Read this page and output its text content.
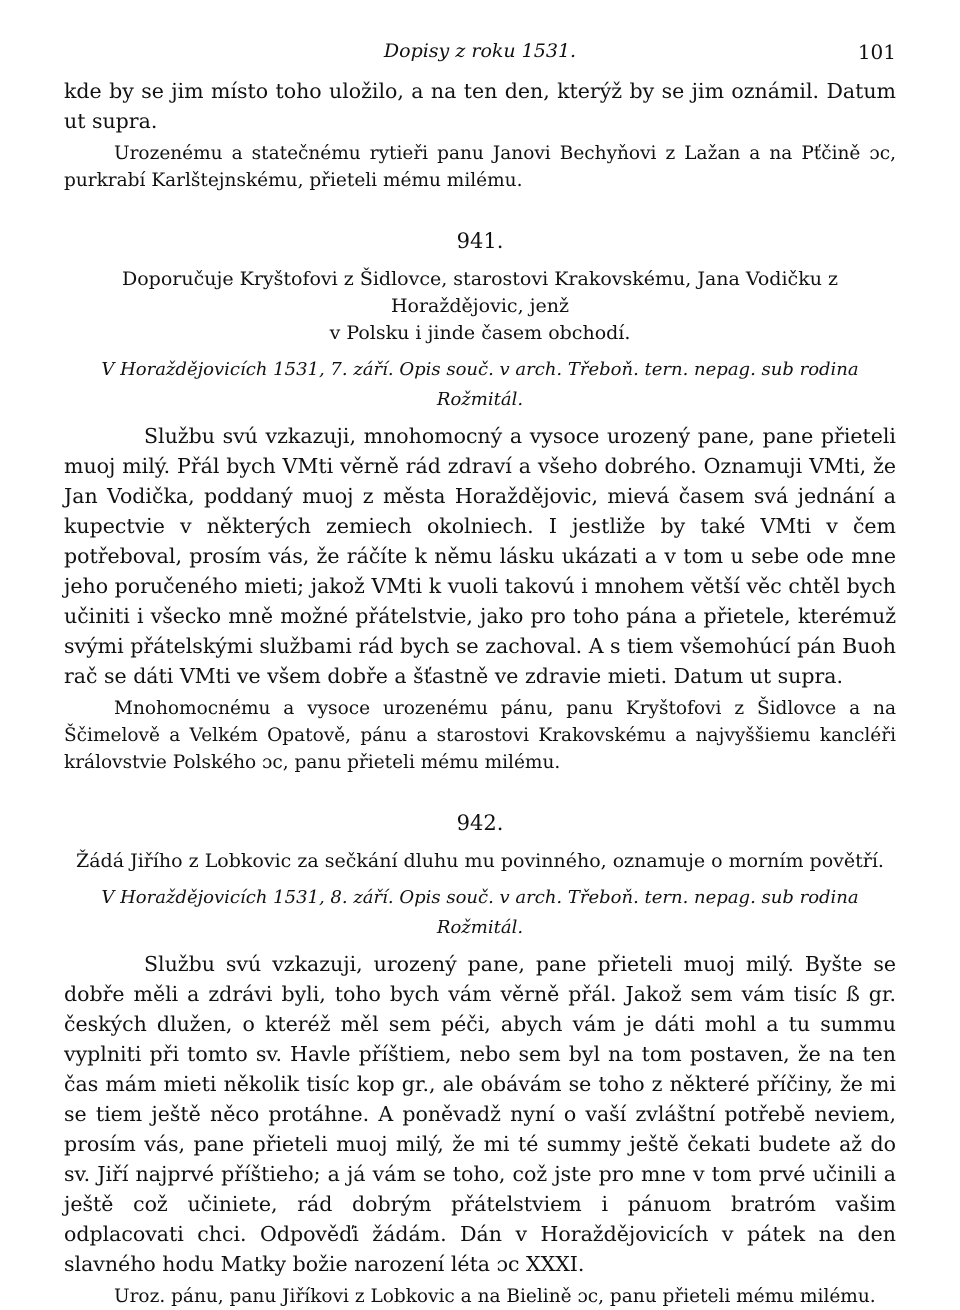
Dopisy z roku 1531.	101

kde by se jim místo toho uložilo, a na ten den, kterýž by se jim oznámil. Datum ut supra.

Urozenému a statečnému rytieři panu Janovi Bechyňovi z Lažan a na Pťčině ɔc, purkrabí Karlštejnskému, přieteli mému milému.

941.

Doporučuje Kryštofovi z Šidlovce, starostovi Krakovskému, Jana Vodičku z Horaždějovic, jenž
v Polsku i jinde časem obchodí.

V Horaždějovicích 1531, 7. září. Opis souč. v arch. Třeboň. tern. nepag. sub rodina Rožmitál.

Službu svú vzkazuji, mnohomocný a vysoce urozený pane, pane přieteli muoj milý. Přál bych VMti věrně rád zdraví a všeho dobrého. Oznamuji VMti, že Jan Vodička, poddaný muoj z města Horaždějovic, mievá časem svá jednání a kupectvie v některých zemiech okolniech. I jestliže by také VMti v čem potřeboval, prosím vás, že ráčíte k němu lásku ukázati a v tom u sebe ode mne jeho poručeného mieti; jakož VMti k vuoli takovú i mnohem větší věc chtěl bych učiniti i všecko mně možné přátelstvie, jako pro toho pána a přietele, kterémuž svými přátelskými službami rád bych se zachoval. A s tiem všemohúcí pán Buoh rač se dáti VMti ve všem dobře a šťastně ve zdravie mieti. Datum ut supra.

Mnohomocnému a vysoce urozenému pánu, panu Kryštofovi z Šidlovce a na Ščimelově a Velkém Opatově, pánu a starostovi Krakovskému a najvyššiemu kancléři královstvie Polského ɔc, panu přieteli mému milému.

942.

Žádá Jiřího z Lobkovic za sečkání dluhu mu povinného, oznamuje o morním povětří.

V Horaždějovicích 1531, 8. září. Opis souč. v arch. Třeboň. tern. nepag. sub rodina Rožmitál.

Službu svú vzkazuji, urozený pane, pane přieteli muoj milý. Byšte se dobře měli a zdrávi byli, toho bych vám věrně přál. Jakož sem vám tisíc ß gr. českých dlužen, o kteréž měl sem péči, abych vám je dáti mohl a tu summu vyplniti při tomto sv. Havle příštiem, nebo sem byl na tom postaven, že na ten čas mám mieti několik tisíc kop gr., ale obávám se toho z některé příčiny, že mi se tiem ještě něco protáhne. A poněvadž nyní o vaší zvláštní potřebě neviem, prosím vás, pane přieteli muoj milý, že mi té summy ještě čekati budete až do sv. Jiří najprvé příštieho; a já vám se toho, což jste pro mne v tom prvé učinili a ještě což učiniete, rád dobrým přátelstviem i pánuom bratróm vašim odplacovati chci. Odpověďi žádám. Dán v Horaždějovicích v pátek na den slavného hodu Matky božie narození léta ɔc XXXI.

Uroz. pánu, panu Jiříkovi z Lobkovic a na Bielině ɔc, panu přieteli mému milému.
